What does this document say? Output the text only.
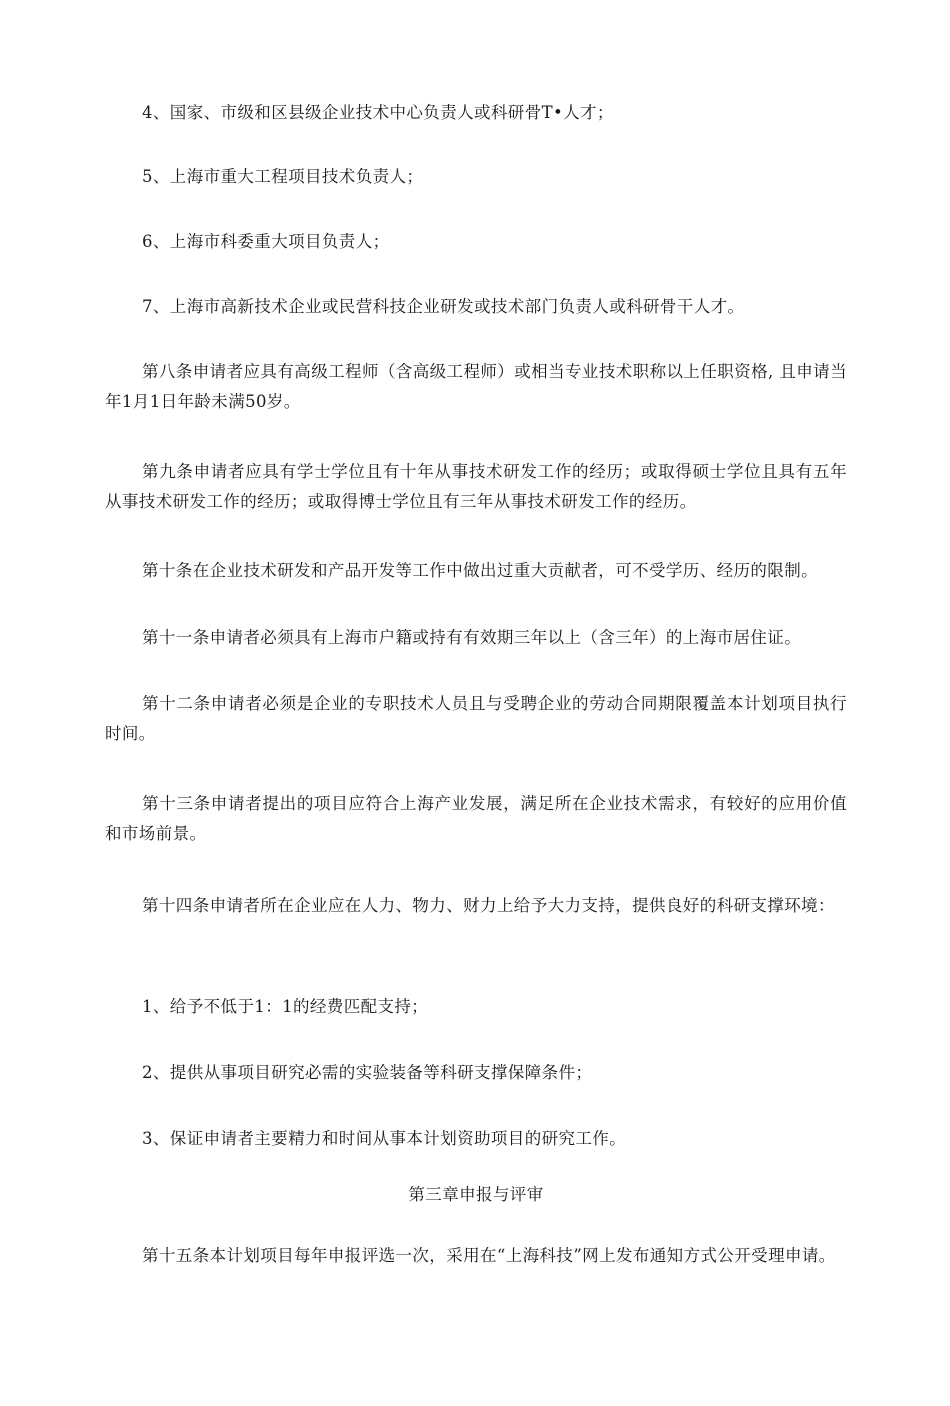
4、国家、市级和区县级企业技术中心负责人或科研骨T•人才；

5、上海市重大工程项目技术负责人；

6、上海市科委重大项目负责人；

7、上海市高新技术企业或民营科技企业研发或技术部门负责人或科研骨干人才。

第八条申请者应具有高级工程师（含高级工程师）或相当专业技术职称以上任职资格, 且申请当年1月1日年龄未满50岁。

第九条申请者应具有学士学位且有十年从事技术研发工作的经历；或取得硕士学位且具有五年从事技术研发工作的经历；或取得博士学位且有三年从事技术研发工作的经历。

第十条在企业技术研发和产品开发等工作中做出过重大贡献者，可不受学历、经历的限制。

第十一条申请者必须具有上海市户籍或持有有效期三年以上（含三年）的上海市居住证。

第十二条申请者必须是企业的专职技术人员且与受聘企业的劳动合同期限覆盖本计划项目执行时间。

第十三条申请者提出的项目应符合上海产业发展，满足所在企业技术需求，有较好的应用价值和市场前景。

第十四条申请者所在企业应在人力、物力、财力上给予大力支持，提供良好的科研支撑环境：

1、给予不低于1：1的经费匹配支持；

2、提供从事项目研究必需的实验装备等科研支撑保障条件；

3、保证申请者主要精力和时间从事本计划资助项目的研究工作。

第三章申报与评审

第十五条本计划项目每年申报评选一次，采用在“上海科技”网上发布通知方式公开受理申请。
